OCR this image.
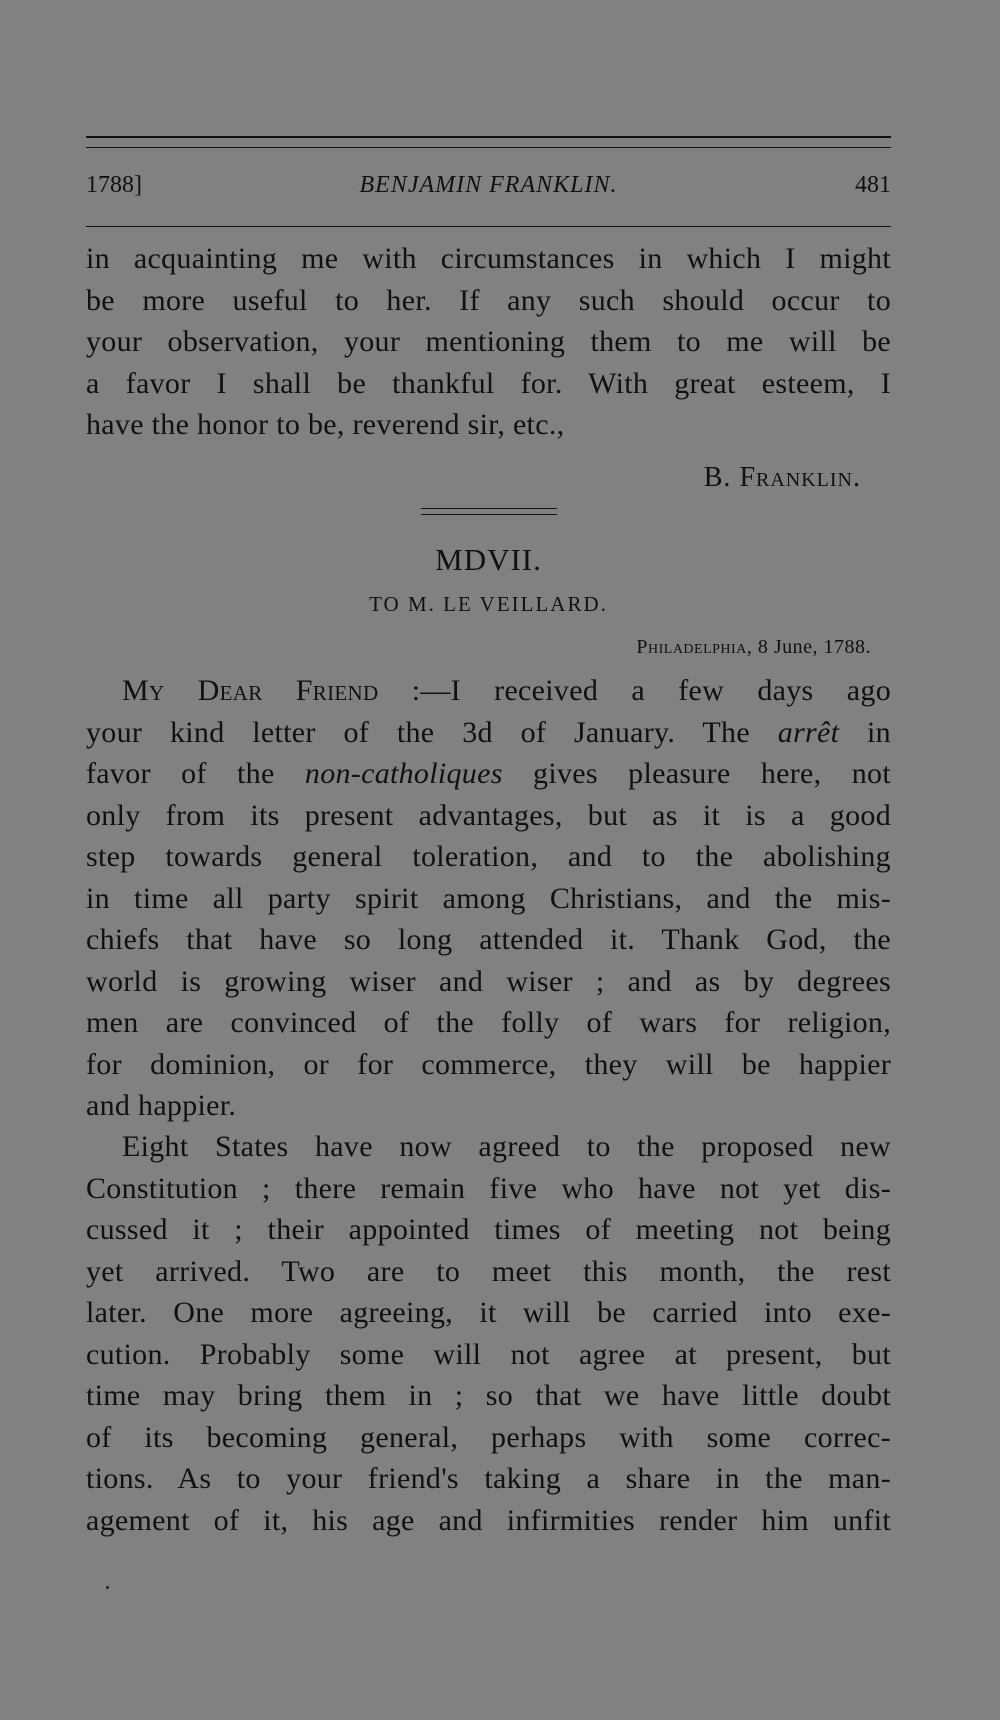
1788]	BENJAMIN FRANKLIN.	481
in acquainting me with circumstances in which I might
be more useful to her. If any such should occur to
your observation, your mentioning them to me will be
a favor I shall be thankful for. With great esteem, I
have the honor to be, reverend sir, etc.,
B. Franklin.
MDVII.
TO M. LE VEILLARD.
Philadelphia, 8 June, 1788.
My Dear Friend :—I received a few days ago
your kind letter of the 3d of January. The arrêt in
favor of the non-catholiques gives pleasure here, not
only from its present advantages, but as it is a good
step towards general toleration, and to the abolishing
in time all party spirit among Christians, and the mis-
chiefs that have so long attended it. Thank God, the
world is growing wiser and wiser ; and as by degrees
men are convinced of the folly of wars for religion,
for dominion, or for commerce, they will be happier
and happier.
Eight States have now agreed to the proposed new
Constitution ; there remain five who have not yet dis-
cussed it ; their appointed times of meeting not being
yet arrived. Two are to meet this month, the rest
later. One more agreeing, it will be carried into exe-
cution. Probably some will not agree at present, but
time may bring them in ; so that we have little doubt
of its becoming general, perhaps with some correc-
tions. As to your friend's taking a share in the man-
agement of it, his age and infirmities render him unfit
